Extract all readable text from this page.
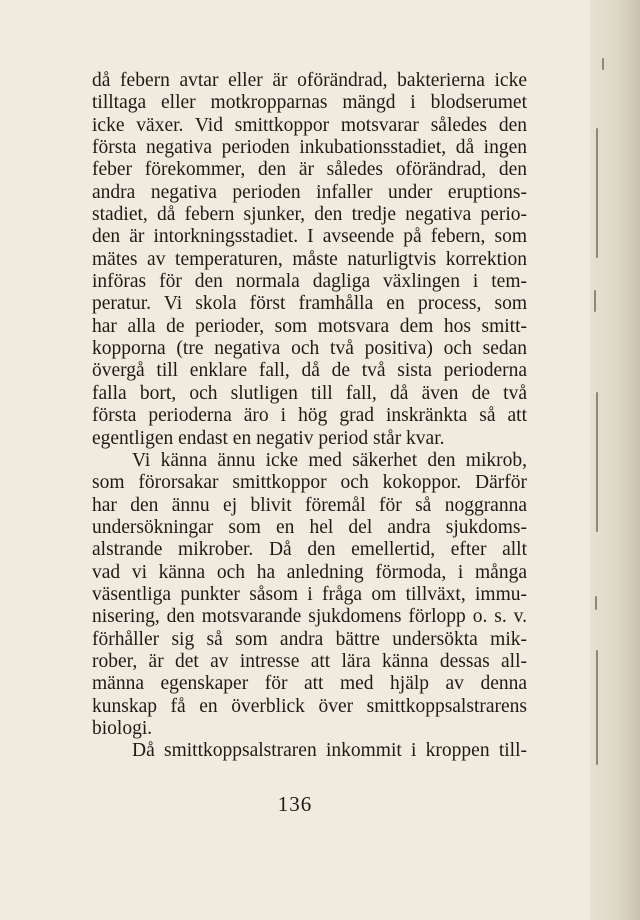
då febern avtar eller är oförändrad, bakterierna icke
tilltaga eller motkropparnas mängd i blodserumet
icke växer. Vid smittkoppor motsvarar således den
första negativa perioden inkubationsstadiet, då ingen
feber förekommer, den är således oförändrad, den
andra negativa perioden infaller under eruptions-
stadiet, då febern sjunker, den tredje negativa perio-
den är intorkningsstadiet. I avseende på febern, som
mätes av temperaturen, måste naturligtvis korrektion
införas för den normala dagliga växlingen i tem-
peratur. Vi skola först framhålla en process, som
har alla de perioder, som motsvara dem hos smitt-
kopporna (tre negativa och två positiva) och sedan
övergå till enklare fall, då de två sista perioderna
falla bort, och slutligen till fall, då även de två
första perioderna äro i hög grad inskränkta så att
egentligen endast en negativ period står kvar.
Vi känna ännu icke med säkerhet den mikrob,
som förorsakar smittkoppor och kokoppor. Därför
har den ännu ej blivit föremål för så noggranna
undersökningar som en hel del andra sjukdoms-
alstrande mikrober. Då den emellertid, efter allt
vad vi känna och ha anledning förmoda, i många
väsentliga punkter såsom i fråga om tillväxt, immu-
nisering, den motsvarande sjukdomens förlopp o. s. v.
förhåller sig så som andra bättre undersökta mik-
rober, är det av intresse att lära känna dessas all-
männa egenskaper för att med hjälp av denna
kunskap få en överblick över smittkoppsalstrarens
biologi.
Då smittkoppsalstraren inkommit i kroppen till-
136
